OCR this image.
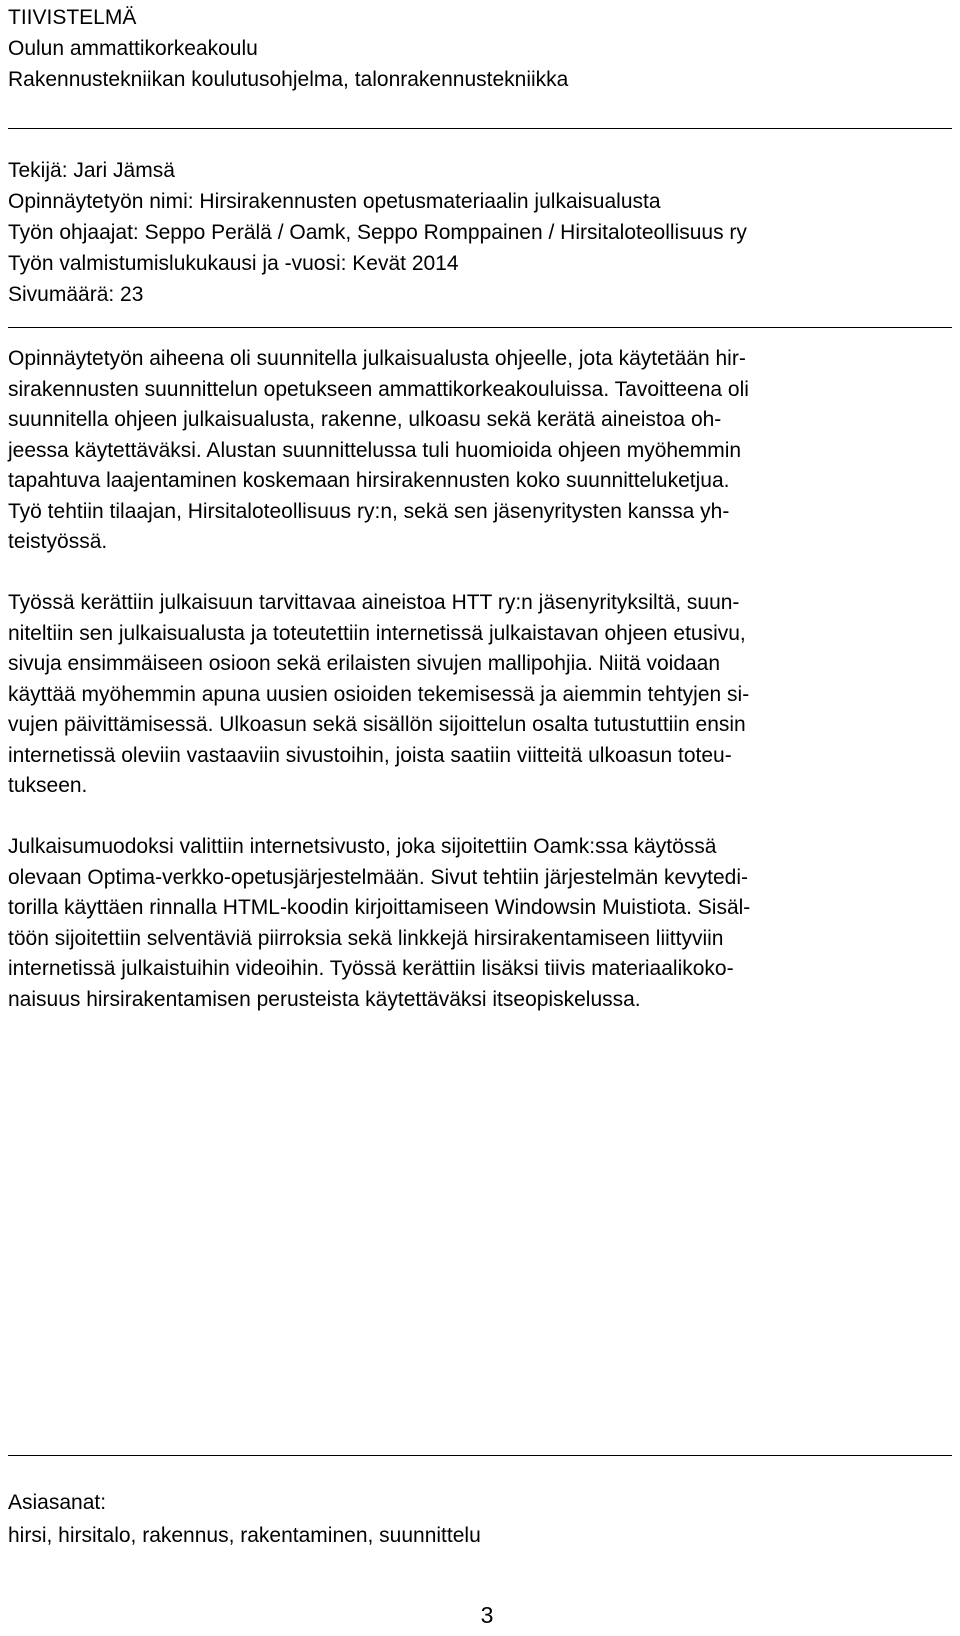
TIIVISTELMÄ
Oulun ammattikorkeakoulu
Rakennustekniikan koulutusohjelma, talonrakennustekniikka
Tekijä: Jari Jämsä
Opinnäytetyön nimi: Hirsirakennusten opetusmateriaalin julkaisualusta
Työn ohjaajat: Seppo Perälä / Oamk, Seppo Romppainen / Hirsitaloteollisuus ry
Työn valmistumislukukausi ja -vuosi: Kevät 2014
Sivumäärä: 23
Opinnäytetyön aiheena oli suunnitella julkaisualusta ohjeelle, jota käytetään hir-
sirakennusten suunnittelun opetukseen ammattikorkeakouluissa. Tavoitteena oli
suunnitella ohjeen julkaisualusta, rakenne, ulkoasu sekä kerätä aineistoa oh-
jeessa käytettäväksi. Alustan suunnittelussa tuli huomioida ohjeen myöhemmin
tapahtuva laajentaminen koskemaan hirsirakennusten koko suunnitteluketjua.
Työ tehtiin tilaajan, Hirsitaloteollisuus ry:n, sekä sen jäsenyritysten kanssa yh-
teistyössä.
Työssä kerättiin julkaisuun tarvittavaa aineistoa HTT ry:n jäsenyrityksiltä, suun-
niteltiin sen julkaisualusta ja toteutettiin internetissä julkaistavan ohjeen etusivu,
sivuja ensimmäiseen osioon sekä erilaisten sivujen mallipohjia. Niitä voidaan
käyttää myöhemmin apuna uusien osioiden tekemisessä ja aiemmin tehtyjen si-
vujen päivittämisessä. Ulkoasun sekä sisällön sijoittelun osalta tutustuttiin ensin
internetissä oleviin vastaaviin sivustoihin, joista saatiin viitteitä ulkoasun toteu-
tukseen.
Julkaisumuodoksi valittiin internetsivusto, joka sijoitettiin Oamk:ssa käytössä
olevaan Optima-verkko-opetusjärjestelmään. Sivut tehtiin järjestelmän kevytedi-
torilla käyttäen rinnalla HTML-koodin kirjoittamiseen Windowsin Muistiota. Sisäl-
töön sijoitettiin selventäviä piirroksia sekä linkkejä hirsirakentamiseen liittyviin
internetissä julkaistuihin videoihin. Työssä kerättiin lisäksi tiivis materiaalikoko-
naisuus hirsirakentamisen perusteista käytettäväksi itseopiskelussa.
Asiasanat:
hirsi, hirsitalo, rakennus, rakentaminen, suunnittelu
3
